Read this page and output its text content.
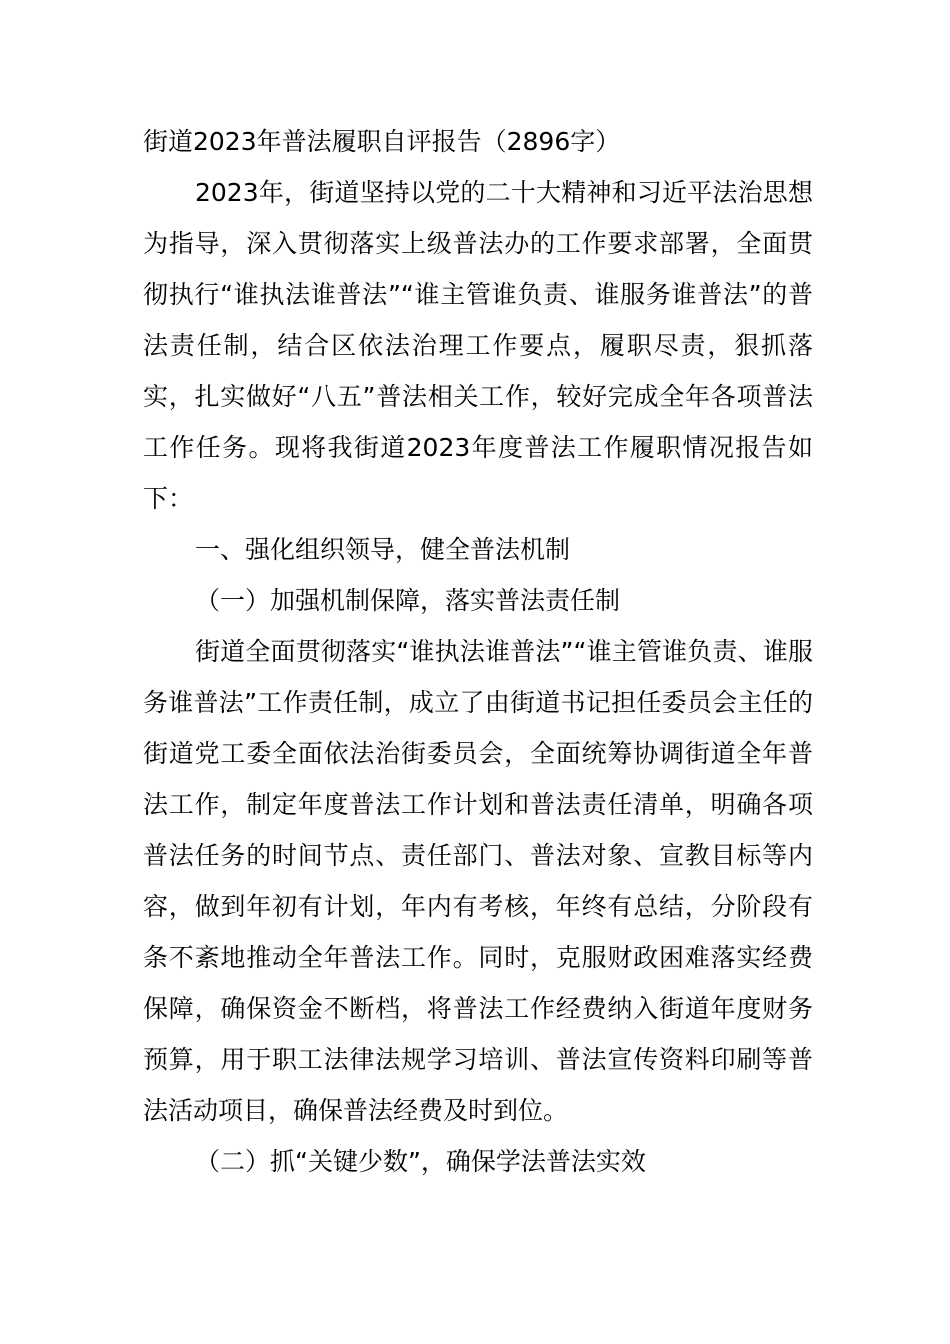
街道2023年普法履职自评报告（2896字）

2023年，街道坚持以党的二十大精神和习近平法治思想为指导，深入贯彻落实上级普法办的工作要求部署，全面贯彻执行“谁执法谁普法”“谁主管谁负责、谁服务谁普法”的普法责任制，结合区依法治理工作要点，履职尽责，狠抓落实，扎实做好“八五”普法相关工作，较好完成全年各项普法工作任务。现将我街道2023年度普法工作履职情况报告如下：

一、强化组织领导，健全普法机制

（一）加强机制保障，落实普法责任制

街道全面贯彻落实“谁执法谁普法”“谁主管谁负责、谁服务谁普法”工作责任制，成立了由街道书记担任委员会主任的街道党工委全面依法治街委员会，全面统筹协调街道全年普法工作，制定年度普法工作计划和普法责任清单，明确各项普法任务的时间节点、责任部门、普法对象、宣教目标等内容，做到年初有计划，年内有考核，年终有总结，分阶段有条不紊地推动全年普法工作。同时，克服财政困难落实经费保障，确保资金不断档，将普法工作经费纳入街道年度财务预算，用于职工法律法规学习培训、普法宣传资料印刷等普法活动项目，确保普法经费及时到位。

（二）抓“关键少数”，确保学法普法实效
